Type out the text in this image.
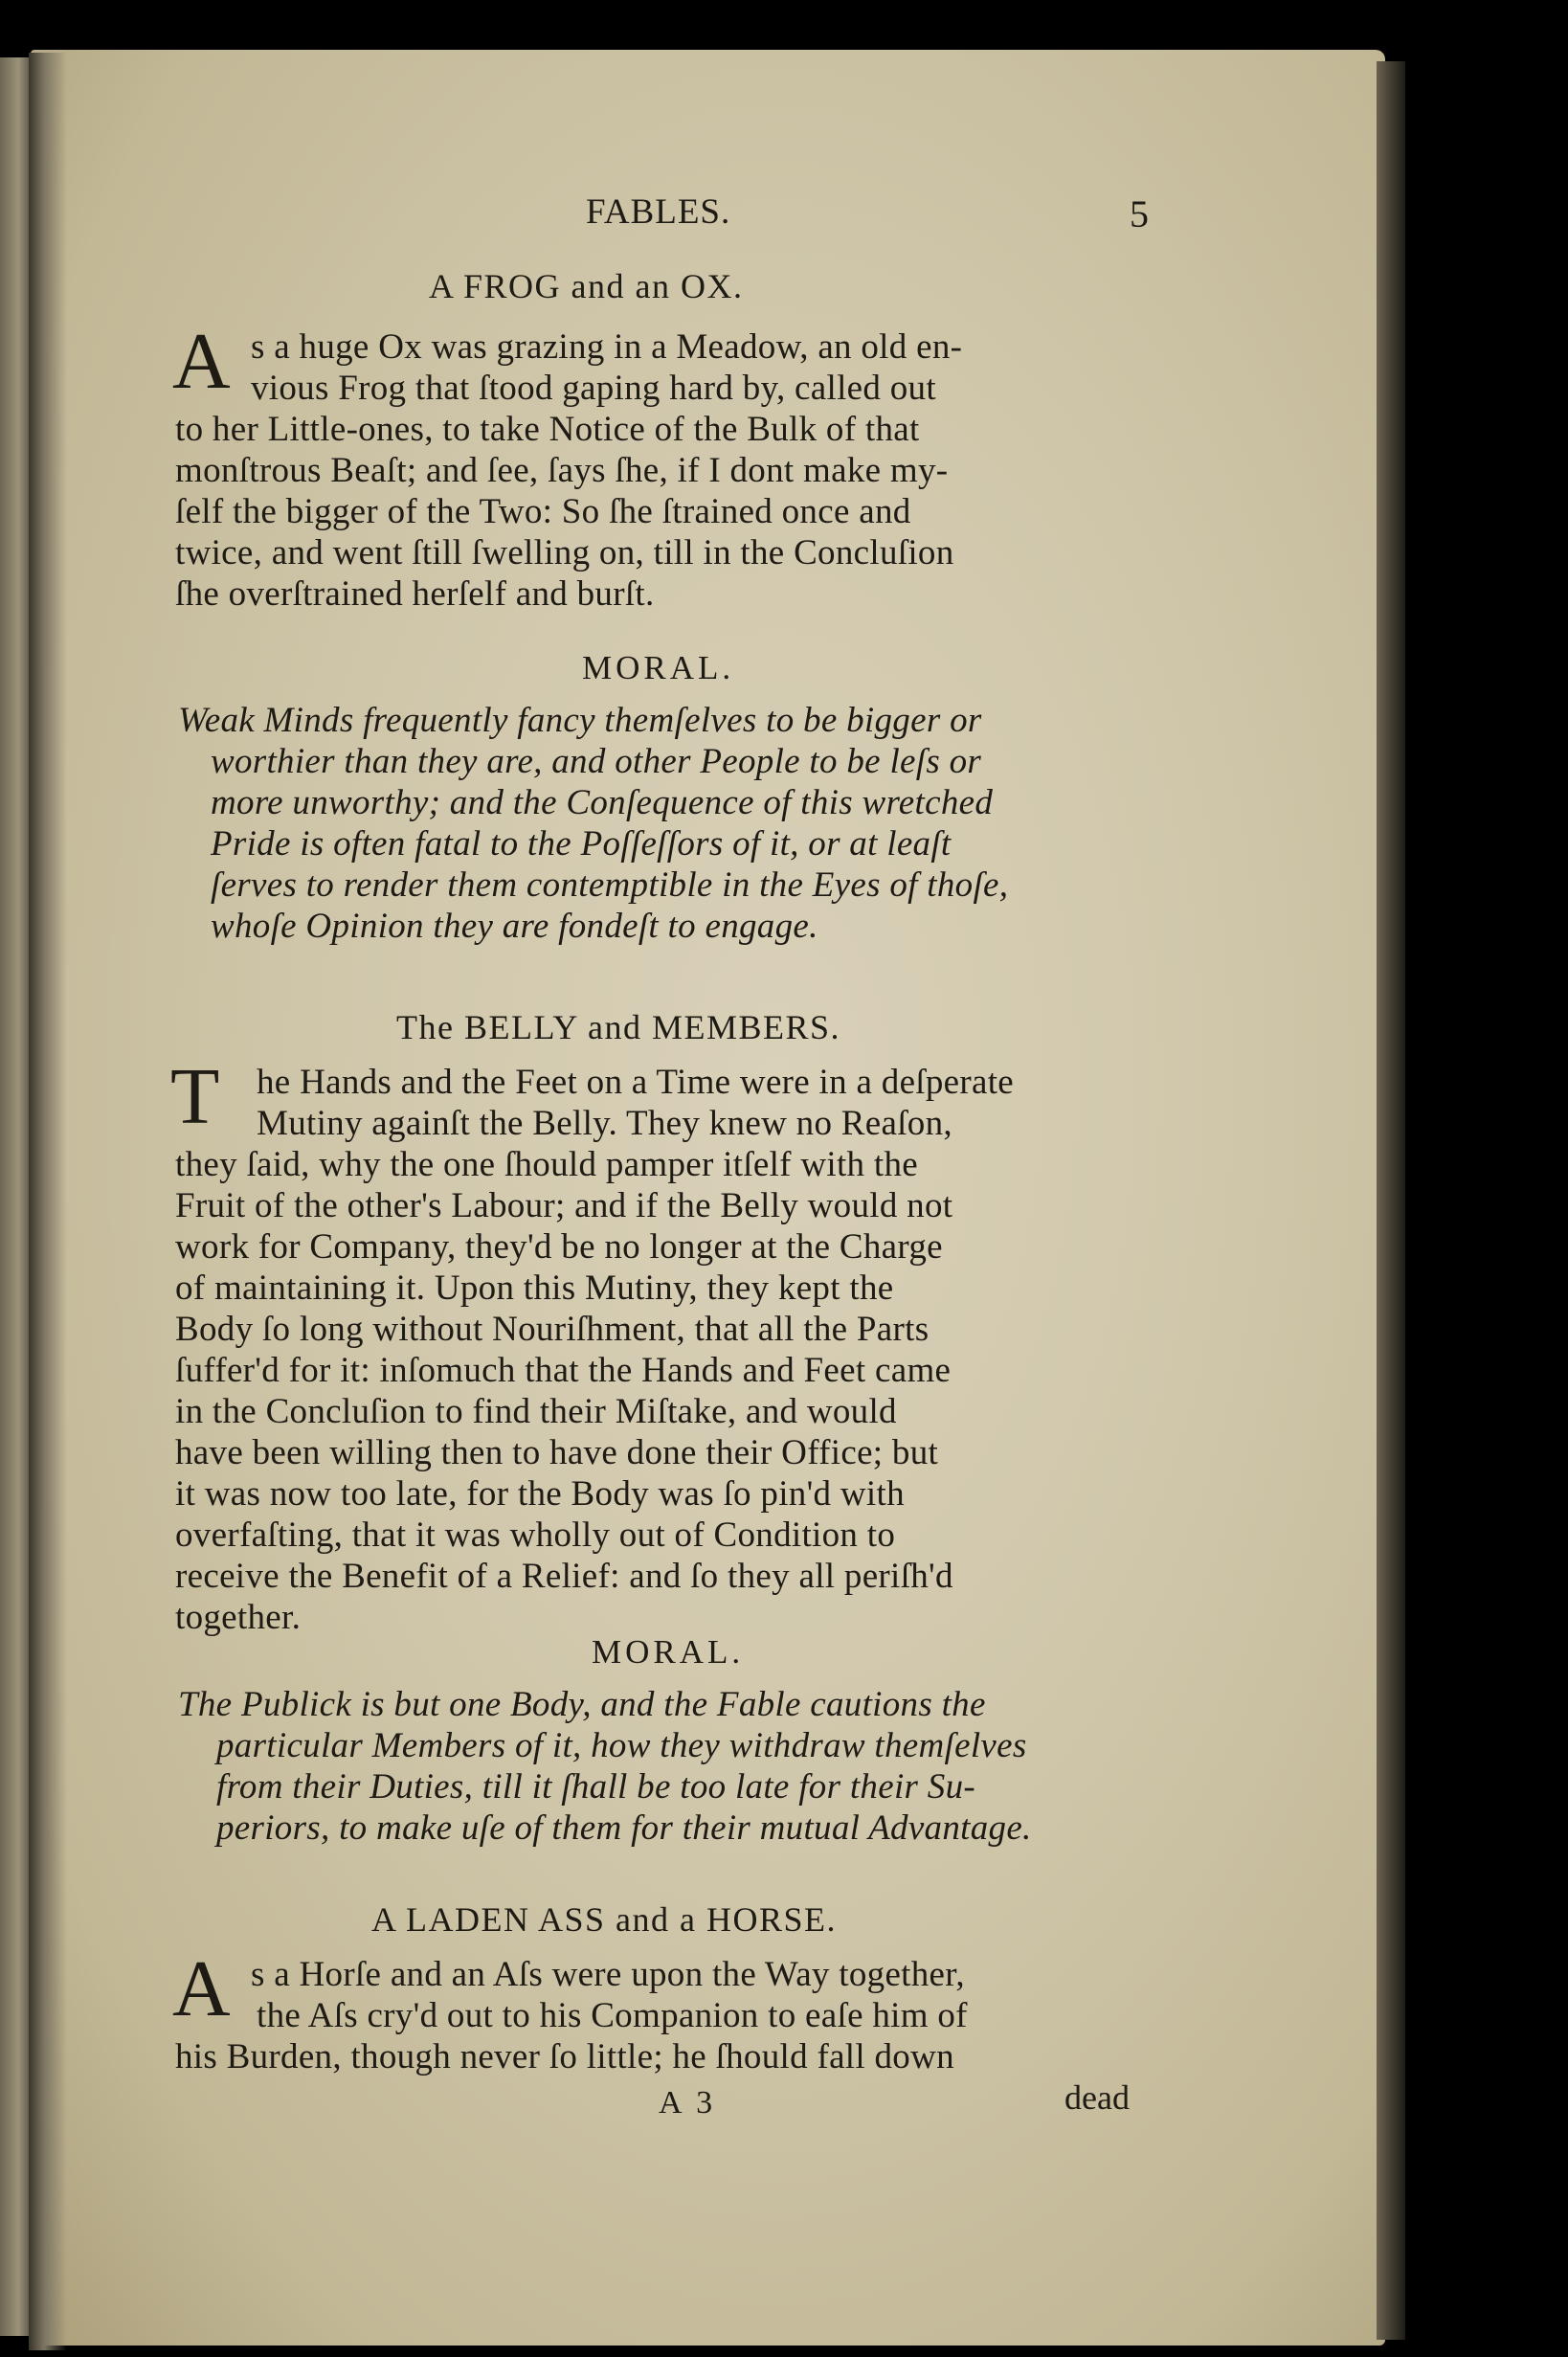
FABLES.	5
A FROG and an OX.
A s a huge Ox was grazing in a Meadow, an old en-
vious Frog that ſtood gaping hard by, called out
to her Little-ones, to take Notice of the Bulk of that
monſtrous Beaſt; and ſee, ſays ſhe, if I dont make my-
ſelf the bigger of the Two: So ſhe ſtrained once and
twice, and went ſtill ſwelling on, till in the Concluſion
ſhe overſtrained herſelf and burſt.
MORAL.
Weak Minds frequently fancy themſelves to be bigger or
worthier than they are, and other People to be leſs or
more unworthy; and the Conſequence of this wretched
Pride is often fatal to the Poſſeſſors of it, or at leaſt
ſerves to render them contemptible in the Eyes of thoſe,
whoſe Opinion they are fondeſt to engage.
The BELLY and MEMBERS.
T he Hands and the Feet on a Time were in a deſperate
Mutiny againſt the Belly. They knew no Reaſon,
they ſaid, why the one ſhould pamper itſelf with the
Fruit of the other's Labour; and if the Belly would not
work for Company, they'd be no longer at the Charge
of maintaining it. Upon this Mutiny, they kept the
Body ſo long without Nouriſhment, that all the Parts
ſuffer'd for it: inſomuch that the Hands and Feet came
in the Concluſion to find their Miſtake, and would
have been willing then to have done their Office; but
it was now too late, for the Body was ſo pin'd with
overfaſting, that it was wholly out of Condition to
receive the Benefit of a Relief: and ſo they all periſh'd
together.
MORAL.
The Publick is but one Body, and the Fable cautions the
particular Members of it, how they withdraw themſelves
from their Duties, till it ſhall be too late for their Su-
periors, to make uſe of them for their mutual Advantage.
A LADEN ASS and a HORSE.
A s a Horſe and an Aſs were upon the Way together,
the Aſs cry'd out to his Companion to eaſe him of
his Burden, though never ſo little; he ſhould fall down
A 3	dead
